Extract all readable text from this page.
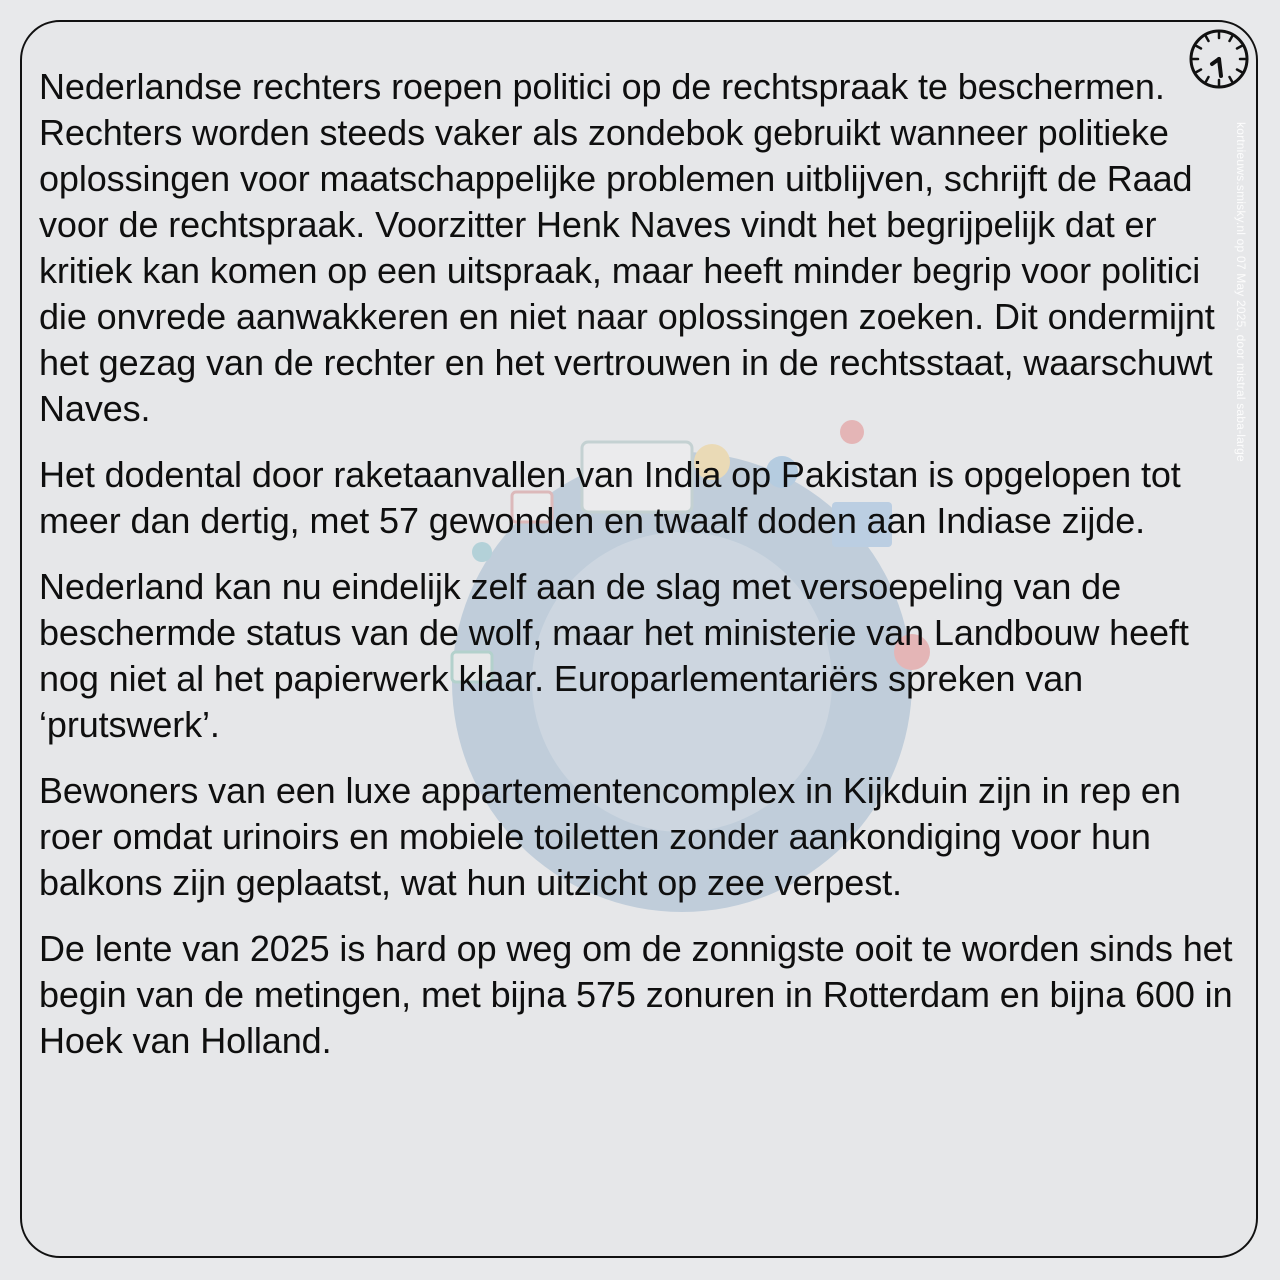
Nederlandse rechters roepen politici op de rechtspraak te beschermen. Rechters worden steeds vaker als zondebok gebruikt wanneer politieke oplossingen voor maatschappelijke problemen uitblijven, schrijft de Raad voor de rechtspraak. Voorzitter Henk Naves vindt het begrijpelijk dat er kritiek kan komen op een uitspraak, maar heeft minder begrip voor politici die onvrede aanwakkeren en niet naar oplossingen zoeken. Dit ondermijnt het gezag van de rechter en het vertrouwen in de rechtsstaat, waarschuwt Naves.

Het dodental door raketaanvallen van India op Pakistan is opgelopen tot meer dan dertig, met 57 gewonden en twaalf doden aan Indiase zijde.

Nederland kan nu eindelijk zelf aan de slag met versoepeling van de beschermde status van de wolf, maar het ministerie van Landbouw heeft nog niet al het papierwerk klaar. Europarlementariërs spreken van ‘prutswerk’.

Bewoners van een luxe appartementencomplex in Kijkduin zijn in rep en roer omdat urinoirs en mobiele toiletten zonder aankondiging voor hun balkons zijn geplaatst, wat hun uitzicht op zee verpest.

De lente van 2025 is hard op weg om de zonnigste ooit te worden sinds het begin van de metingen, met bijna 575 zonuren in Rotterdam en bijna 600 in Hoek van Holland.

kortnieuws.smisky.nl op 07 May 2025, door mistral saba-large
